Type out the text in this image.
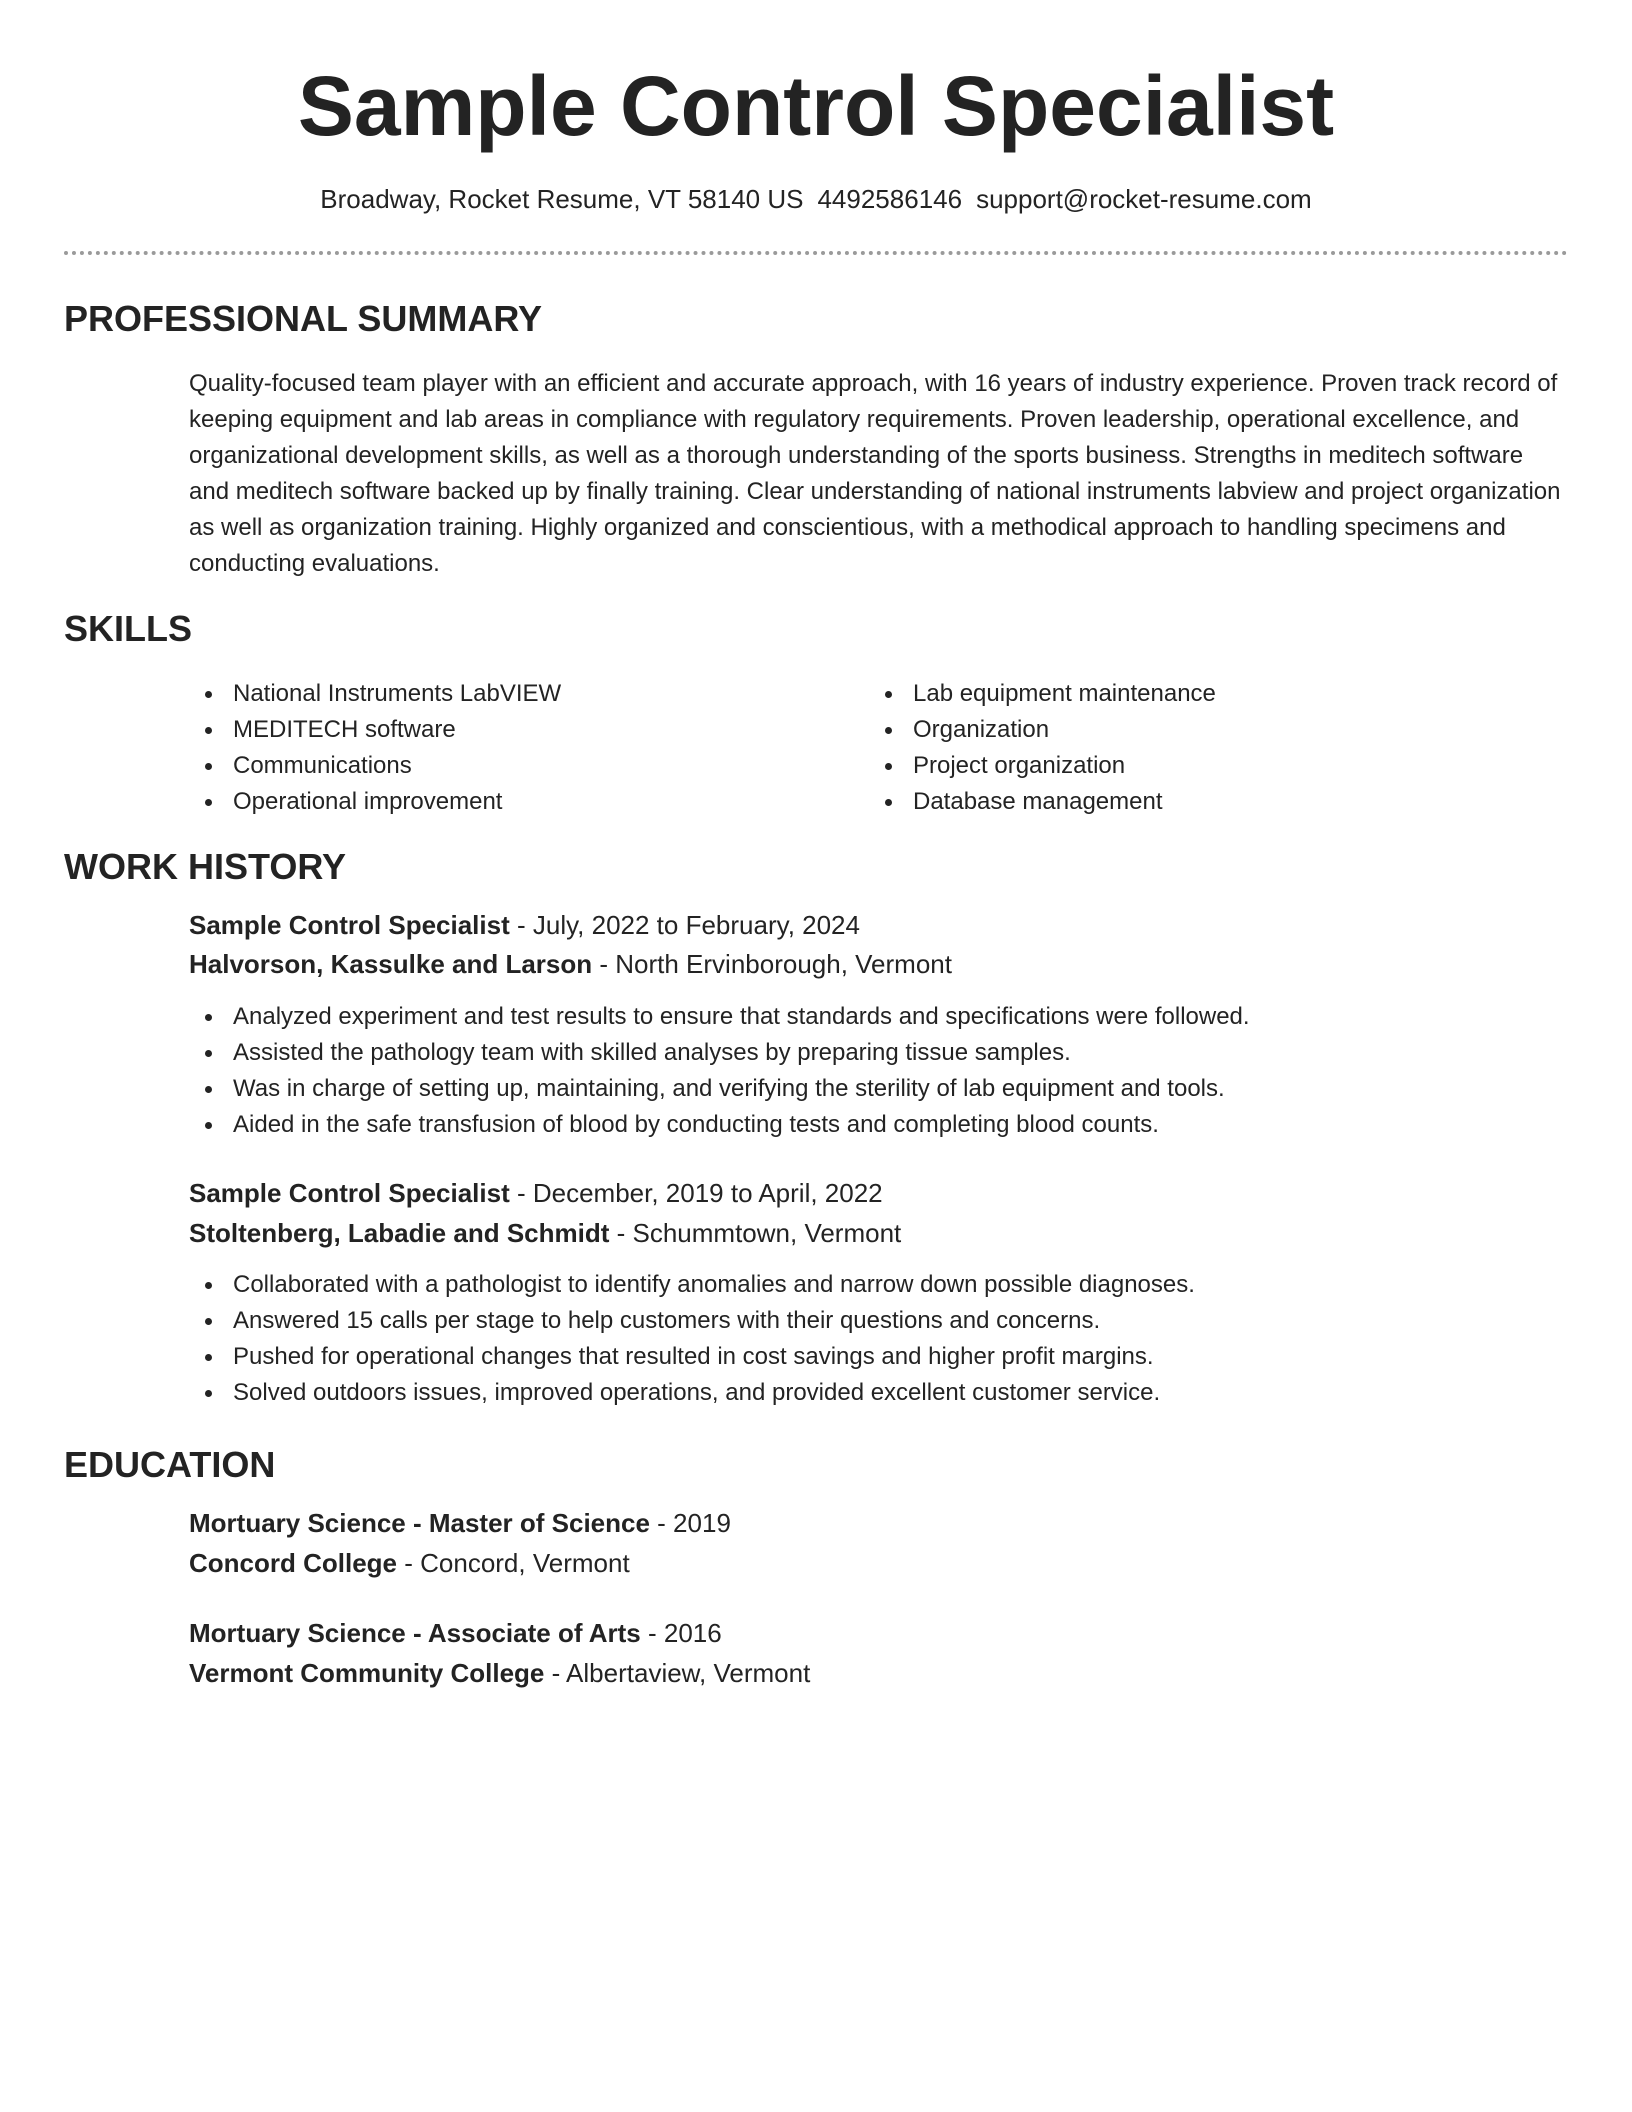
Sample Control Specialist
Broadway, Rocket Resume, VT 58140 US 4492586146 support@rocket-resume.com
PROFESSIONAL SUMMARY

Quality-focused team player with an efficient and accurate approach, with 16 years of industry experience. Proven track record of keeping equipment and lab areas in compliance with regulatory requirements. Proven leadership, operational excellence, and organizational development skills, as well as a thorough understanding of the sports business. Strengths in meditech software and meditech software backed up by finally training. Clear understanding of national instruments labview and project organization as well as organization training. Highly organized and conscientious, with a methodical approach to handling specimens and conducting evaluations.

SKILLS
National Instruments LabVIEW
MEDITECH software
Communications
Operational improvement
Lab equipment maintenance
Organization
Project organization
Database management
WORK HISTORY
Sample Control Specialist - July, 2022 to February, 2024
Halvorson, Kassulke and Larson - North Ervinborough, Vermont
Analyzed experiment and test results to ensure that standards and specifications were followed.
Assisted the pathology team with skilled analyses by preparing tissue samples.
Was in charge of setting up, maintaining, and verifying the sterility of lab equipment and tools.
Aided in the safe transfusion of blood by conducting tests and completing blood counts.
Sample Control Specialist - December, 2019 to April, 2022
Stoltenberg, Labadie and Schmidt - Schummtown, Vermont
Collaborated with a pathologist to identify anomalies and narrow down possible diagnoses.
Answered 15 calls per stage to help customers with their questions and concerns.
Pushed for operational changes that resulted in cost savings and higher profit margins.
Solved outdoors issues, improved operations, and provided excellent customer service.
EDUCATION
Mortuary Science - Master of Science - 2019
Concord College - Concord, Vermont
Mortuary Science - Associate of Arts - 2016
Vermont Community College - Albertaview, Vermont
